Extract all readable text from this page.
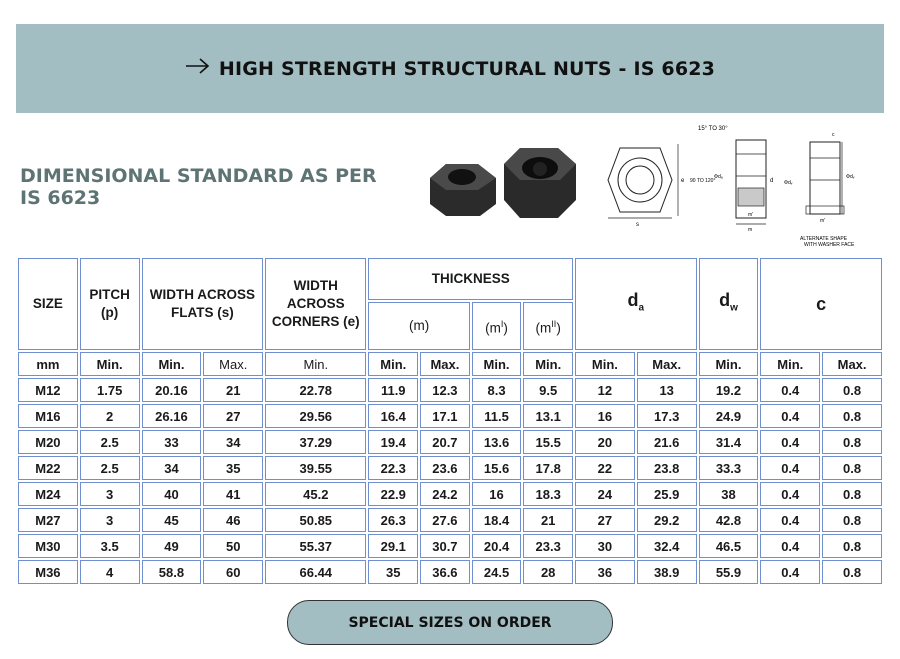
HIGH STRENGTH STRUCTURAL NUTS - IS 6623
DIMENSIONAL STANDARD AS PER IS 6623
s
e
15° TO 30°
90 TO 120°
Φdₐ
d Φdᵥ
m'
m
Φdᵥ
c
m'
ALTERNATE SHAPE
WITH WASHER FACE
SIZE	PITCH (p)	WIDTH ACROSS FLATS (s)		WIDTH ACROSS CORNERS (e)	THICKNESS				$d_a$		$d_w$	c	
					(m)		$(m^I)$	$(m^{II})$					
mm	Min.	Min.	Max.	Min.	Min.	Max.	Min.	Min.	Min.	Max.	Min.	Min.	Max.
M12	1.75	20.16	21	22.78	11.9	12.3	8.3	9.5	12	13	19.2	0.4	0.8
M16	2	26.16	27	29.56	16.4	17.1	11.5	13.1	16	17.3	24.9	0.4	0.8
M20	2.5	33	34	37.29	19.4	20.7	13.6	15.5	20	21.6	31.4	0.4	0.8
M22	2.5	34	35	39.55	22.3	23.6	15.6	17.8	22	23.8	33.3	0.4	0.8
M24	3	40	41	45.2	22.9	24.2	16	18.3	24	25.9	38	0.4	0.8
M27	3	45	46	50.85	26.3	27.6	18.4	21	27	29.2	42.8	0.4	0.8
M30	3.5	49	50	55.37	29.1	30.7	20.4	23.3	30	32.4	46.5	0.4	0.8
M36	4	58.8	60	66.44	35	36.6	24.5	28	36	38.9	55.9	0.4	0.8
SPECIAL SIZES ON ORDER
